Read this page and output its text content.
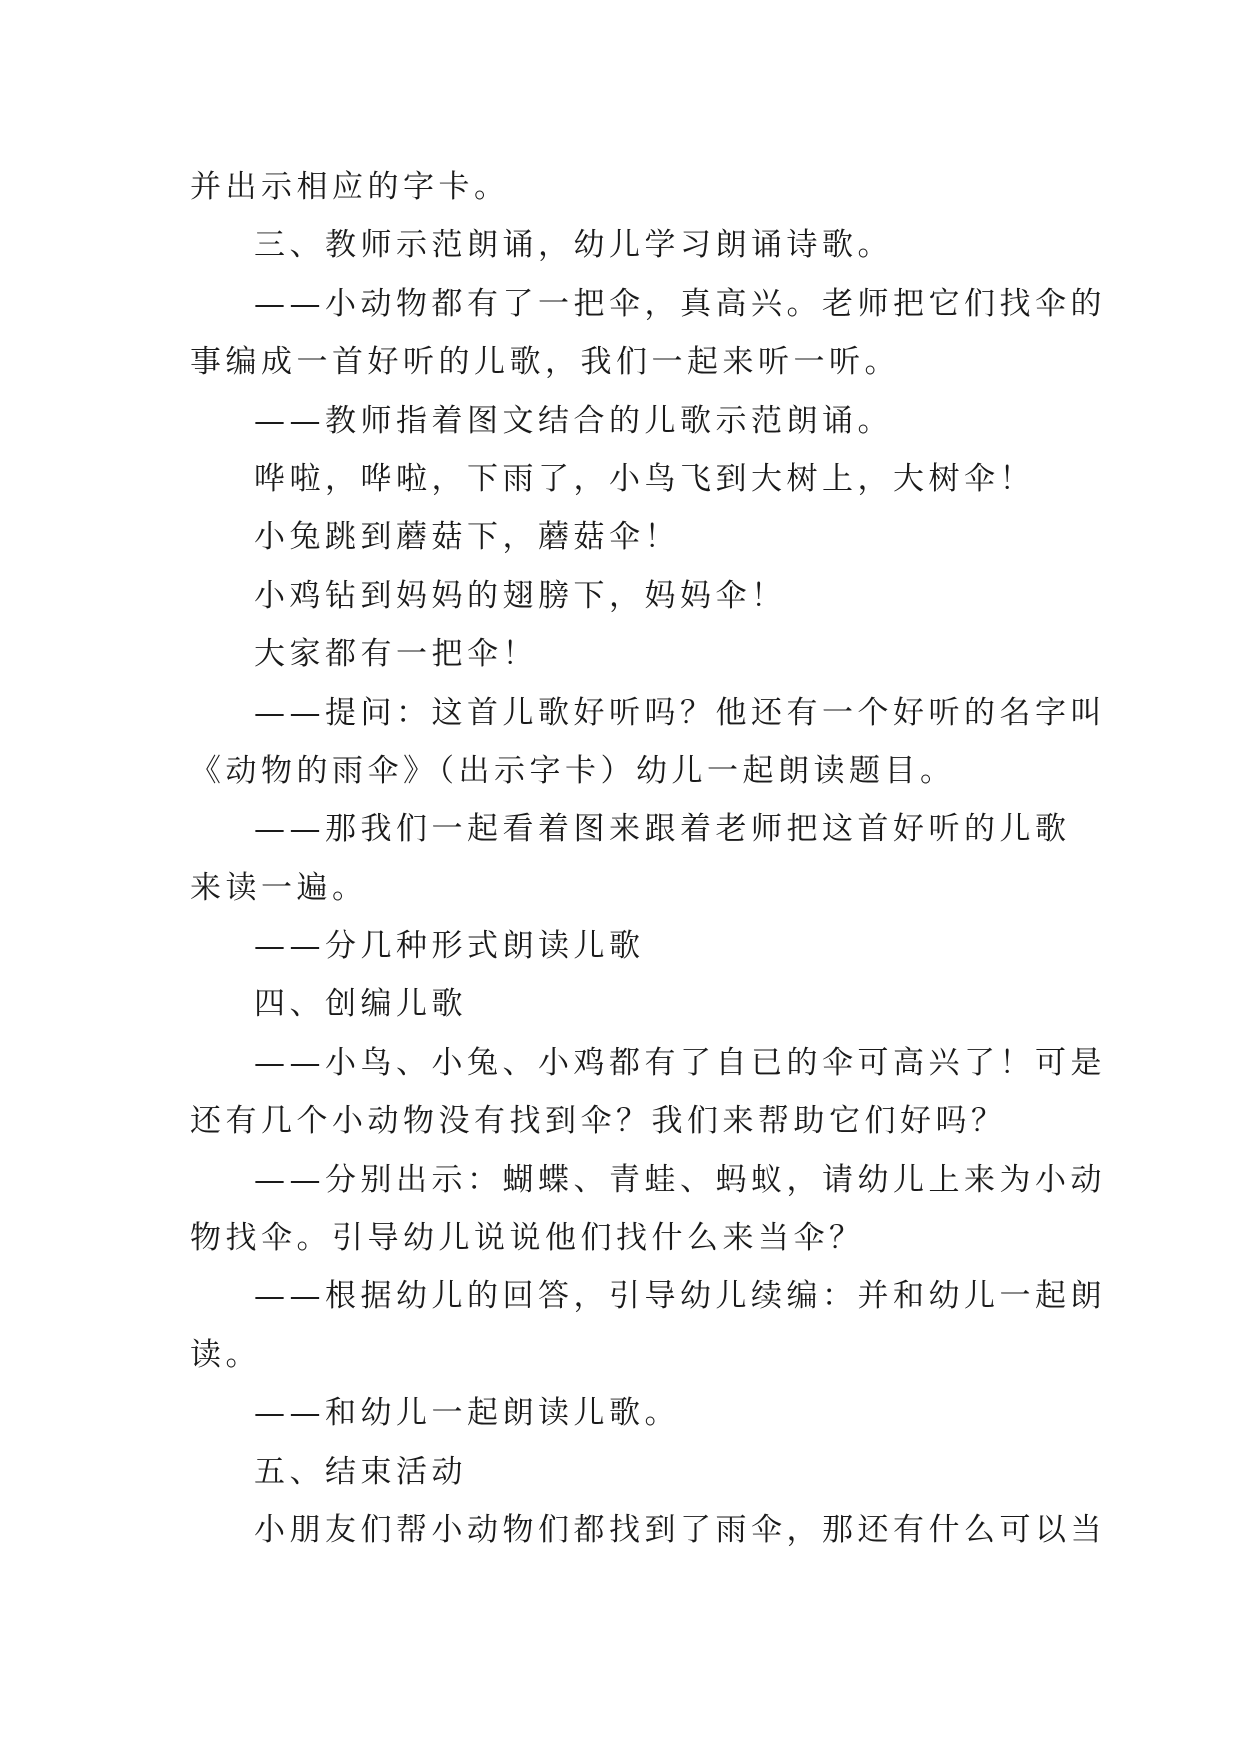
并出示相应的字卡。
三、教师示范朗诵，幼儿学习朗诵诗歌。
——小动物都有了一把伞，真高兴。老师把它们找伞的
事编成一首好听的儿歌，我们一起来听一听。
——教师指着图文结合的儿歌示范朗诵。
哗啦，哗啦，下雨了，小鸟飞到大树上，大树伞！
小兔跳到蘑菇下，蘑菇伞！
小鸡钻到妈妈的翅膀下，妈妈伞！
大家都有一把伞！
——提问：这首儿歌好听吗？他还有一个好听的名字叫
《动物的雨伞》（出示字卡）幼儿一起朗读题目。
——那我们一起看着图来跟着老师把这首好听的儿歌
来读一遍。
——分几种形式朗读儿歌
四、创编儿歌
——小鸟、小兔、小鸡都有了自已的伞可高兴了！可是
还有几个小动物没有找到伞？我们来帮助它们好吗？
——分别出示：蝴蝶、青蛙、蚂蚁，请幼儿上来为小动
物找伞。引导幼儿说说他们找什么来当伞？
——根据幼儿的回答，引导幼儿续编：并和幼儿一起朗
读。
——和幼儿一起朗读儿歌。
五、结束活动
小朋友们帮小动物们都找到了雨伞，那还有什么可以当
